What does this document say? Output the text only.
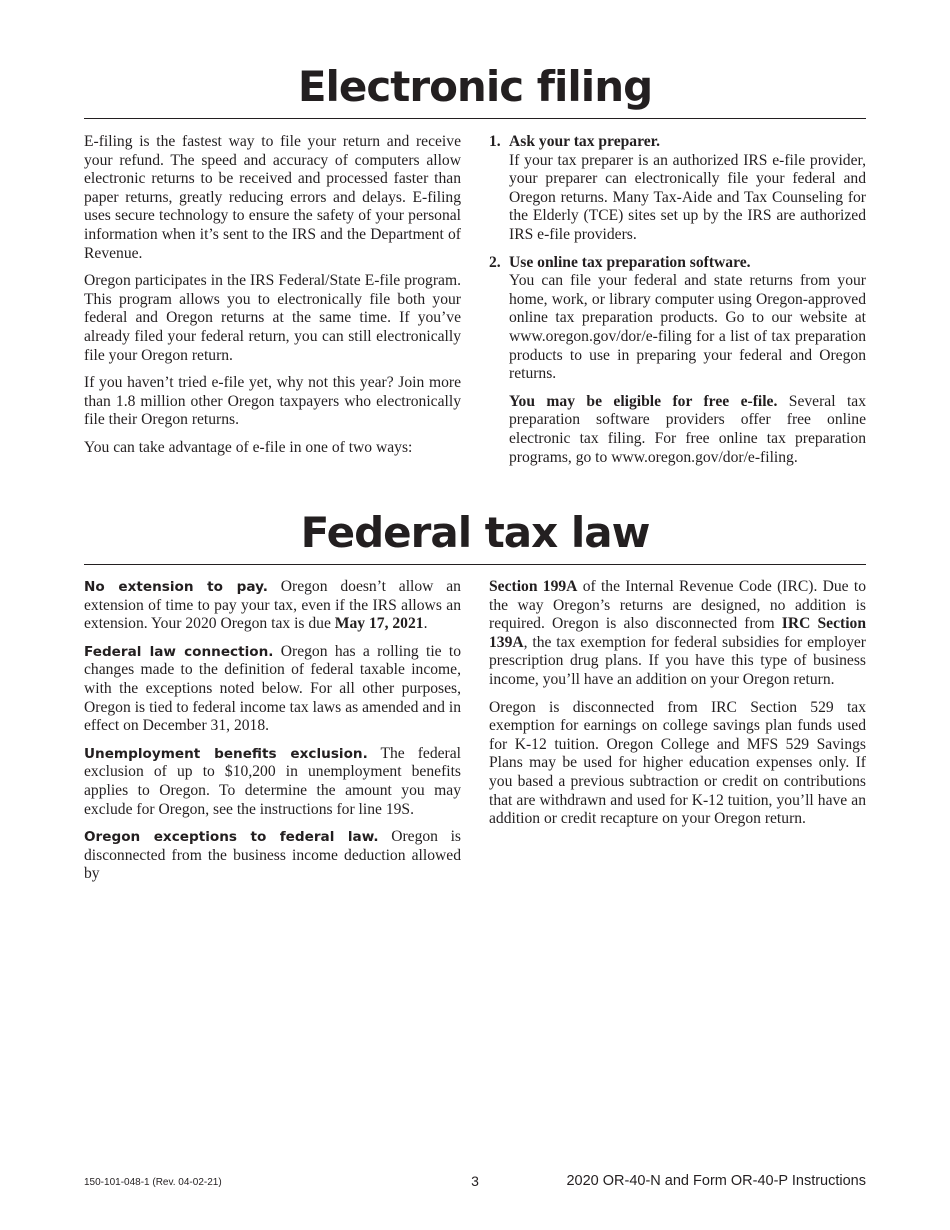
Electronic filing

E-filing is the fastest way to file your return and receive your refund. The speed and accuracy of computers allow electronic returns to be received and processed faster than paper returns, greatly reducing errors and delays. E-filing uses secure technology to ensure the safety of your personal information when it’s sent to the IRS and the Department of Revenue.

Oregon participates in the IRS Federal/State E-file program. This program allows you to electronically file both your federal and Oregon returns at the same time. If you’ve already filed your federal return, you can still electronically file your Oregon return.

If you haven’t tried e-file yet, why not this year? Join more than 1.8 million other Oregon taxpayers who electronically file their Oregon returns.

You can take advantage of e-file in one of two ways:

1. Ask your tax preparer.
If your tax preparer is an authorized IRS e-file provider, your preparer can electronically file your federal and Oregon returns. Many Tax-Aide and Tax Counseling for the Elderly (TCE) sites set up by the IRS are authorized IRS e-file providers.
2. Use online tax preparation software.
You can file your federal and state returns from your home, work, or library computer using Oregon-approved online tax preparation products. Go to our website at www.oregon.gov/dor/e-filing for a list of tax preparation products to use in preparing your federal and Oregon returns.

You may be eligible for free e-file. Several tax preparation software providers offer free online electronic tax filing. For free online tax preparation programs, go to www.oregon.gov/dor/e-filing.

Federal tax law

No extension to pay. Oregon doesn’t allow an extension of time to pay your tax, even if the IRS allows an extension. Your 2020 Oregon tax is due May 17, 2021.

Federal law connection. Oregon has a rolling tie to changes made to the definition of federal taxable income, with the exceptions noted below. For all other purposes, Oregon is tied to federal income tax laws as amended and in effect on December 31, 2018.

Unemployment benefits exclusion. The federal exclusion of up to $10,200 in unemployment benefits applies to Oregon. To determine the amount you may exclude for Oregon, see the instructions for line 19S.

Oregon exceptions to federal law. Oregon is disconnected from the business income deduction allowed by

Section 199A of the Internal Revenue Code (IRC). Due to the way Oregon’s returns are designed, no addition is required. Oregon is also disconnected from IRC Section 139A, the tax exemption for federal subsidies for employer prescription drug plans. If you have this type of business income, you’ll have an addition on your Oregon return.

Oregon is disconnected from IRC Section 529 tax exemption for earnings on college savings plan funds used for K-12 tuition. Oregon College and MFS 529 Savings Plans may be used for higher education expenses only. If you based a previous subtraction or credit on contributions that are withdrawn and used for K-12 tuition, you’ll have an addition or credit recapture on your Oregon return.

150-101-048-1 (Rev. 04-02-21)	3	2020 OR-40-N and Form OR-40-P Instructions
